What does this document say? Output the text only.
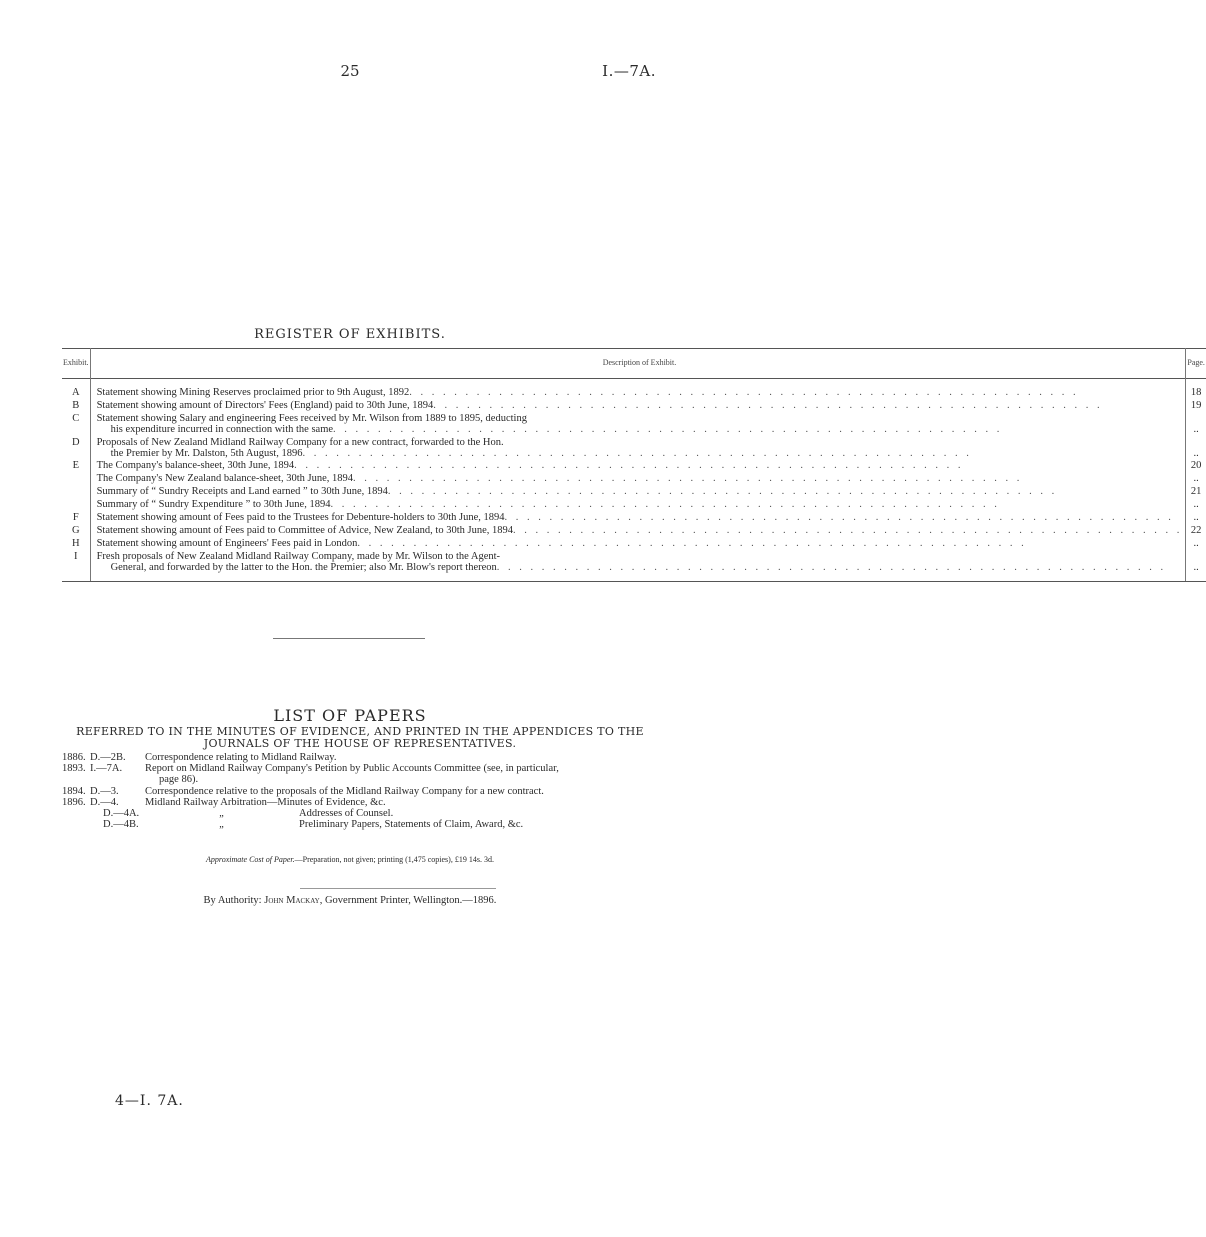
25	I.—7A.
REGISTER OF EXHIBITS.
Exhibit.	Description of Exhibit.	Page.
A	Statement showing Mining Reserves proclaimed prior to 9th August, 1892 . . . . . . . . . . . . . . . . . . . . . . . . . . . . . . . . . . . . . . . . . . . . . . . . . . . . . . . . . . . .	18
B	Statement showing amount of Directors' Fees (England) paid to 30th June, 1894 . . . . . . . . . . . . . . . . . . . . . . . . . . . . . . . . . . . . . . . . . . . . . . . . . . . . . . . . . . . .	19
C	Statement showing Salary and engineering Fees received by Mr. Wilson from 1889 to 1895, deducting
his expenditure incurred in connection with the same . . . . . . . . . . . . . . . . . . . . . . . . . . . . . . . . . . . . . . . . . . . . . . . . . . . . . . . . . . . .	..
D	Proposals of New Zealand Midland Railway Company for a new contract, forwarded to the Hon.
the Premier by Mr. Dalston, 5th August, 1896 . . . . . . . . . . . . . . . . . . . . . . . . . . . . . . . . . . . . . . . . . . . . . . . . . . . . . . . . . . . .	..
E	The Company's balance-sheet, 30th June, 1894 . . . . . . . . . . . . . . . . . . . . . . . . . . . . . . . . . . . . . . . . . . . . . . . . . . . . . . . . . . . .	20

	The Company's New Zealand balance-sheet, 30th June, 1894 . . . . . . . . . . . . . . . . . . . . . . . . . . . . . . . . . . . . . . . . . . . . . . . . . . . . . . . . . . . .	..

	Summary of “ Sundry Receipts and Land earned ” to 30th June, 1894 . . . . . . . . . . . . . . . . . . . . . . . . . . . . . . . . . . . . . . . . . . . . . . . . . . . . . . . . . . . .	21

	Summary of “ Sundry Expenditure ” to 30th June, 1894 . . . . . . . . . . . . . . . . . . . . . . . . . . . . . . . . . . . . . . . . . . . . . . . . . . . . . . . . . . . .	..
F	Statement showing amount of Fees paid to the Trustees for Debenture-holders to 30th June, 1894 . . . . . . . . . . . . . . . . . . . . . . . . . . . . . . . . . . . . . . . . . . . . . . . . . . . . . . . . . . . .	..
G	Statement showing amount of Fees paid to Committee of Advice, New Zealand, to 30th June, 1894 . . . . . . . . . . . . . . . . . . . . . . . . . . . . . . . . . . . . . . . . . . . . . . . . . . . . . . . . . . . .	22
H	Statement showing amount of Engineers' Fees paid in London . . . . . . . . . . . . . . . . . . . . . . . . . . . . . . . . . . . . . . . . . . . . . . . . . . . . . . . . . . . .	..
I	Fresh proposals of New Zealand Midland Railway Company, made by Mr. Wilson to the Agent-
General, and forwarded by the latter to the Hon. the Premier; also Mr. Blow's report thereon . . . . . . . . . . . . . . . . . . . . . . . . . . . . . . . . . . . . . . . . . . . . . . . . . . . . . . . . . . . .	..
LIST OF PAPERS
REFERRED TO IN THE MINUTES OF EVIDENCE, AND PRINTED IN THE APPENDICES TO THE
JOURNALS OF THE HOUSE OF REPRESENTATIVES.
1886. D.—2B.	Correspondence relating to Midland Railway.
1893. I.—7A.	Report on Midland Railway Company's Petition by Public Accounts Committee (see, in particular,
page 86).
1894. D.—3.	Correspondence relative to the proposals of the Midland Railway Company for a new contract.
1896. D.—4.	Midland Railway Arbitration—Minutes of Evidence, &c.
D.—4A.	„	Addresses of Counsel.
D.—4B.	„	Preliminary Papers, Statements of Claim, Award, &c.
Approximate Cost of Paper.—Preparation, not given; printing (1,475 copies), £19 14s. 3d.
By Authority: John Mackay, Government Printer, Wellington.—1896.
4—I. 7A.
